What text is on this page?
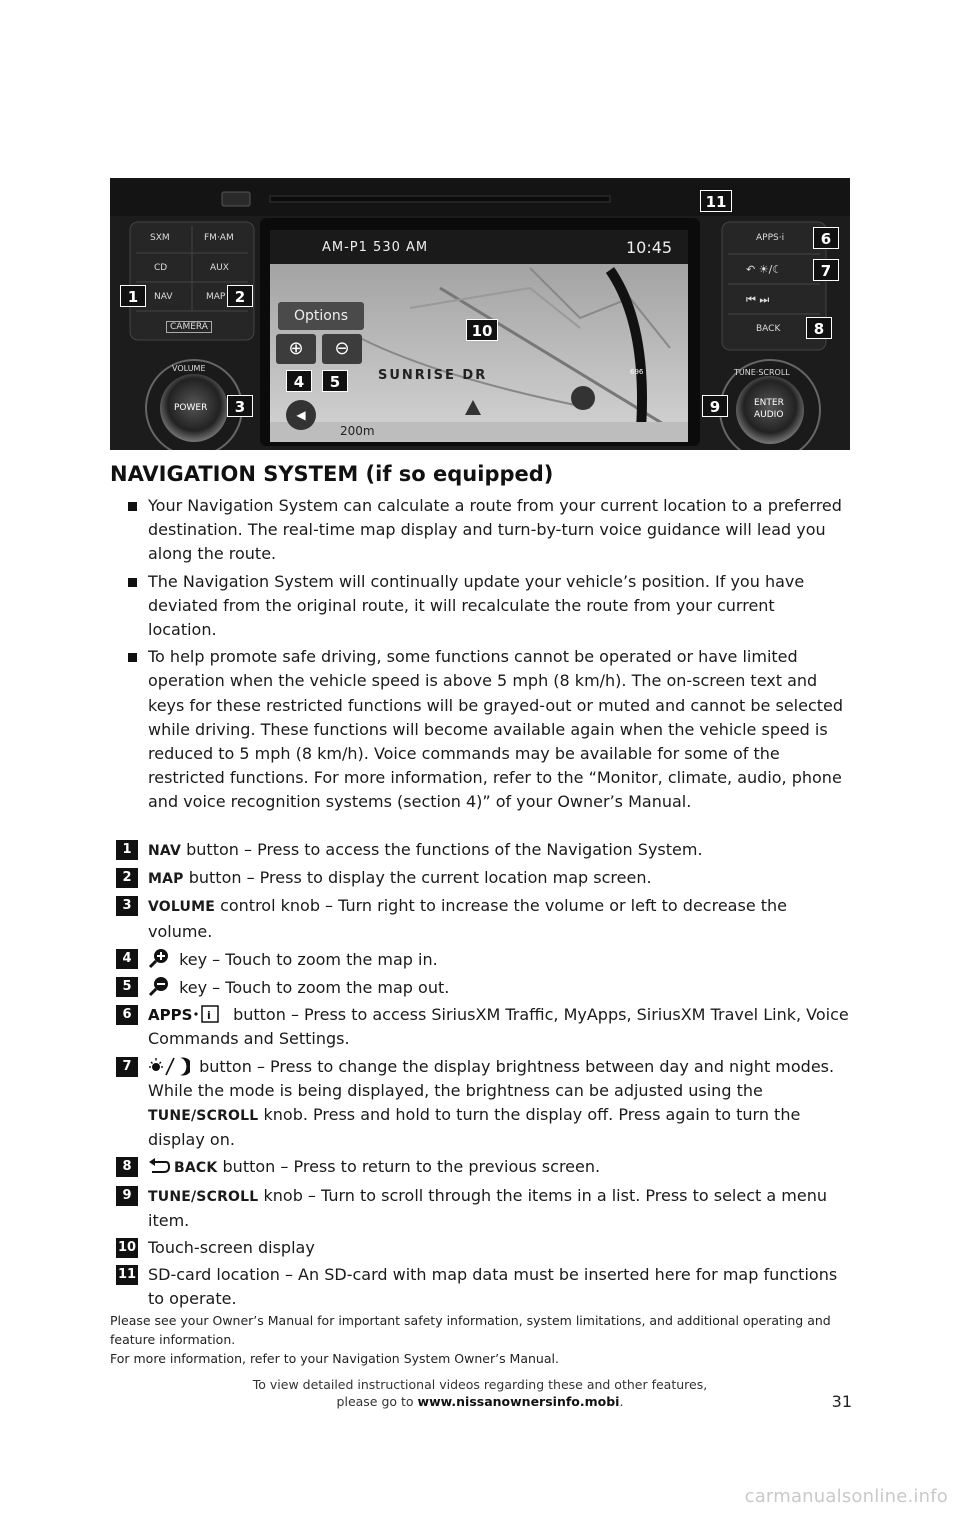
AM-P1 530 AM	10:45
Options
⊕	⊖
SUNRISE DR
200m
696
◀
SXM	FM·AM
CD	AUX
NAV	MAP
CAMERA
VOLUME
POWER
APPS·i
↶ ☀/☾
⏮ ⏭
BACK
TUNE·SCROLL
ENTER
AUDIO
1	2
3
4	5
6
7
8
9
10
11
NAVIGATION SYSTEM (if so equipped)
Your Navigation System can calculate a route from your current location to a preferred destination. The real-time map display and turn-by-turn voice guidance will lead you along the route.
The Navigation System will continually update your vehicle’s position. If you have deviated from the original route, it will recalculate the route from your current location.
To help promote safe driving, some functions cannot be operated or have limited operation when the vehicle speed is above 5 mph (8 km/h). The on-screen text and keys for these restricted functions will be grayed-out or muted and cannot be selected while driving. These functions will become available again when the vehicle speed is reduced to 5 mph (8 km/h). Voice commands may be available for some of the restricted functions. For more information, refer to the “Monitor, climate, audio, phone and voice recognition systems (section 4)” of your Owner’s Manual.
1	NAV button – Press to access the functions of the Navigation System.
2	MAP button – Press to display the current location map screen.
3	VOLUME control knob – Turn right to increase the volume or left to decrease the volume.
4	key – Touch to zoom the map in.
5	key – Touch to zoom the map out.
6	APPS i button – Press to access SiriusXM Traffic, MyApps, SiriusXM Travel Link, Voice Commands and Settings.
7	button – Press to change the display brightness between day and night modes. While the mode is being displayed, the brightness can be adjusted using the TUNE/SCROLL knob. Press and hold to turn the display off. Press again to turn the display on.
8	BACK button – Press to return to the previous screen.
9	TUNE/SCROLL knob – Turn to scroll through the items in a list. Press to select a menu item.
10 Touch-screen display
11 SD-card location – An SD-card with map data must be inserted here for map functions to operate.
Please see your Owner’s Manual for important safety information, system limitations, and additional operating and feature information.
For more information, refer to your Navigation System Owner’s Manual.
To view detailed instructional videos regarding these and other features,
please go to www.nissanownersinfo.mobi.	31
carmanualsonline.info
